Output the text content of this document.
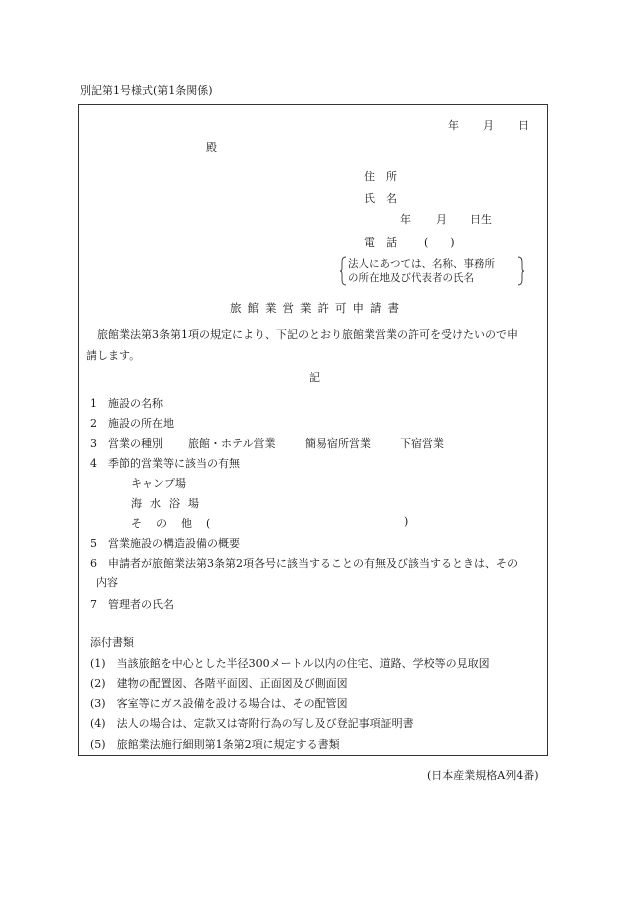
別記第1号様式(第1条関係)
年 月 日
殿
住　所
氏　名
年 月 日生
電　話 (　　)
法人にあつては、名称、事務所
の所在地及び代表者の氏名
旅館業営業許可申請書
旅館業法第3条第1項の規定により、下記のとおり旅館業営業の許可を受けたいので申
請します。
記
1　施設の名称
2　施設の所在地
3　営業の種別 旅館・ホテル営業	簡易宿所営業	下宿営業
4　季節的営業等に該当の有無
キャンプ場
海水浴場
その他(	)
5　営業施設の構造設備の概要
6　申請者が旅館業法第3条第2項各号に該当することの有無及び該当するときは、その
内容
7　管理者の氏名
添付書類
(1)　当該旅館を中心とした半径300メートル以内の住宅、道路、学校等の見取図
(2)　建物の配置図、各階平面図、正面図及び側面図
(3)　客室等にガス設備を設ける場合は、その配管図
(4)　法人の場合は、定款又は寄附行為の写し及び登記事項証明書
(5)　旅館業法施行細則第1条第2項に規定する書類
(日本産業規格A列4番)
